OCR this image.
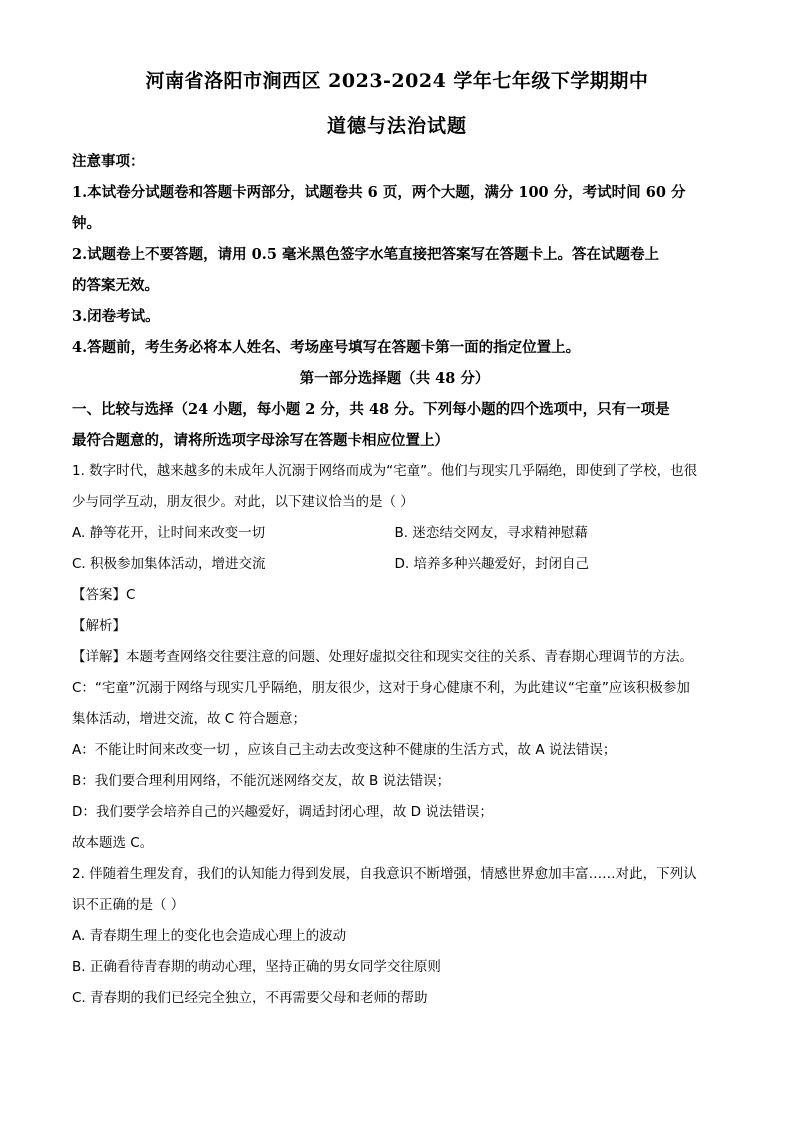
河南省洛阳市涧西区 2023-2024 学年七年级下学期期中
道德与法治试题
注意事项：
1.本试卷分试题卷和答题卡两部分，试题卷共 6 页，两个大题，满分 100 分，考试时间 60 分
钟。
2.试题卷上不要答题，请用 0.5 毫米黑色签字水笔直接把答案写在答题卡上。答在试题卷上
的答案无效。
3.闭卷考试。
4.答题前，考生务必将本人姓名、考场座号填写在答题卡第一面的指定位置上。
第一部分选择题（共 48 分）
一、比较与选择（24 小题，每小题 2 分，共 48 分。下列每小题的四个选项中，只有一项是
最符合题意的，请将所选项字母涂写在答题卡相应位置上）
1. 数字时代，越来越多的未成年人沉溺于网络而成为“宅童”。他们与现实几乎隔绝，即使到了学校，也很
少与同学互动，朋友很少。对此，以下建议恰当的是（ ）
A. 静等花开，让时间来改变一切	B. 迷恋结交网友，寻求精神慰藉
C. 积极参加集体活动，增进交流	D. 培养多种兴趣爱好，封闭自己
【答案】C
【解析】
【详解】本题考查网络交往要注意的问题、处理好虚拟交往和现实交往的关系、青春期心理调节的方法。
C：“宅童”沉溺于网络与现实几乎隔绝，朋友很少，这对于身心健康不利，为此建议“宅童”应该积极参加
集体活动，增进交流，故 C 符合题意；
A：不能让时间来改变一切 ，应该自己主动去改变这种不健康的生活方式，故 A 说法错误；
B：我们要合理利用网络，不能沉迷网络交友，故 B 说法错误；
D：我们要学会培养自己的兴趣爱好，调适封闭心理，故 D 说法错误；
故本题选 C。
2. 伴随着生理发育，我们的认知能力得到发展，自我意识不断增强，情感世界愈加丰富……对此，下列认
识不正确的是（ ）
A. 青春期生理上的变化也会造成心理上的波动
B. 正确看待青春期的萌动心理，坚持正确的男女同学交往原则
C. 青春期的我们已经完全独立，不再需要父母和老师的帮助
